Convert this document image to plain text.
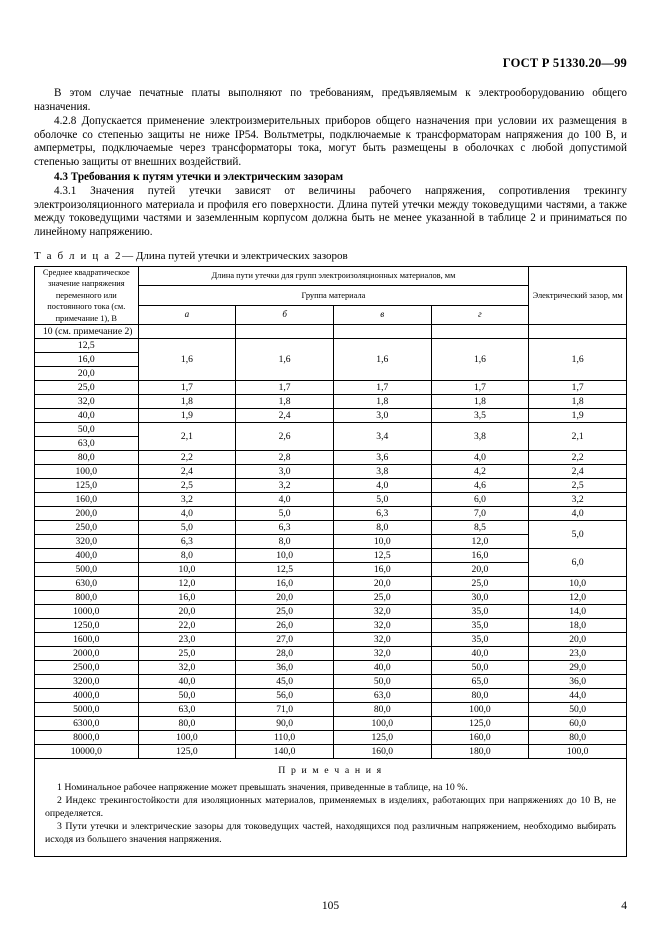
ГОСТ Р 51330.20—99

В этом случае печатные платы выполняют по требованиям, предъявляемым к электрооборудованию общего назначения.

4.2.8 Допускается применение электроизмерительных приборов общего назначения при условии их размещения в оболочке со степенью защиты не ниже IP54. Вольтметры, подключаемые к трансформаторам напряжения до 100 В, и амперметры, подключаемые через трансформаторы тока, могут быть размещены в оболочках с любой допустимой степенью защиты от внешних воздействий.

4.3 Требования к путям утечки и электрическим зазорам

4.3.1 Значения путей утечки зависят от величины рабочего напряжения, сопротивления трекингу электроизоляционного материала и профиля его поверхности. Длина путей утечки между токоведущими частями, а также между токоведущими частями и заземленным корпусом должна быть не менее указанной в таблице 2 и приниматься по линейному напряжению.

Т а б л и ц а 2— Длина путей утечки и электрических зазоров
Среднее квадратическое значение напряжения переменного или постоянного тока (см. примечание 1), В	Длина пути утечки для групп электроизоляционных материалов, мм				Электрический зазор, мм
	Группа материала				
	a	б	в	г	
10 (см. примечание 2)					
12,5	1,6	1,6	1,6	1,6	1,6
16,0					
20,0					
25,0	1,7	1,7	1,7	1,7	1,7
32,0	1,8	1,8	1,8	1,8	1,8
40,0	1,9	2,4	3,0	3,5	1,9
50,0	2,1	2,6	3,4	3,8	2,1
63,0					
80,0	2,2	2,8	3,6	4,0	2,2
100,0	2,4	3,0	3,8	4,2	2,4
125,0	2,5	3,2	4,0	4,6	2,5
160,0	3,2	4,0	5,0	6,0	3,2
200,0	4,0	5,0	6,3	7,0	4,0
250,0	5,0	6,3	8,0	8,5	5,0
320,0	6,3	8,0	10,0	12,0	
400,0	8,0	10,0	12,5	16,0	6,0
500,0	10,0	12,5	16,0	20,0	
630,0	12,0	16,0	20,0	25,0	10,0
800,0	16,0	20,0	25,0	30,0	12,0
1000,0	20,0	25,0	32,0	35,0	14,0
1250,0	22,0	26,0	32,0	35,0	18,0
1600,0	23,0	27,0	32,0	35,0	20,0
2000,0	25,0	28,0	32,0	40,0	23,0
2500,0	32,0	36,0	40,0	50,0	29,0
3200,0	40,0	45,0	50,0	65,0	36,0
4000,0	50,0	56,0	63,0	80,0	44,0
5000,0	63,0	71,0	80,0	100,0	50,0
6300,0	80,0	90,0	100,0	125,0	60,0
8000,0	100,0	110,0	125,0	160,0	80,0
10000,0	125,0	140,0	160,0	180,0	100,0
П р и м е ч а н и я

1 Номинальное рабочее напряжение может превышать значения, приведенные в таблице, на 10 %.

2 Индекс трекингостойкости для изоляционных материалов, применяемых в изделиях, работающих при напряжениях до 10 В, не определяется.

3 Пути утечки и электрические зазоры для токоведущих частей, находящихся под различным напряжением, необходимо выбирать исходя из большего значения напряжения.

105	4
